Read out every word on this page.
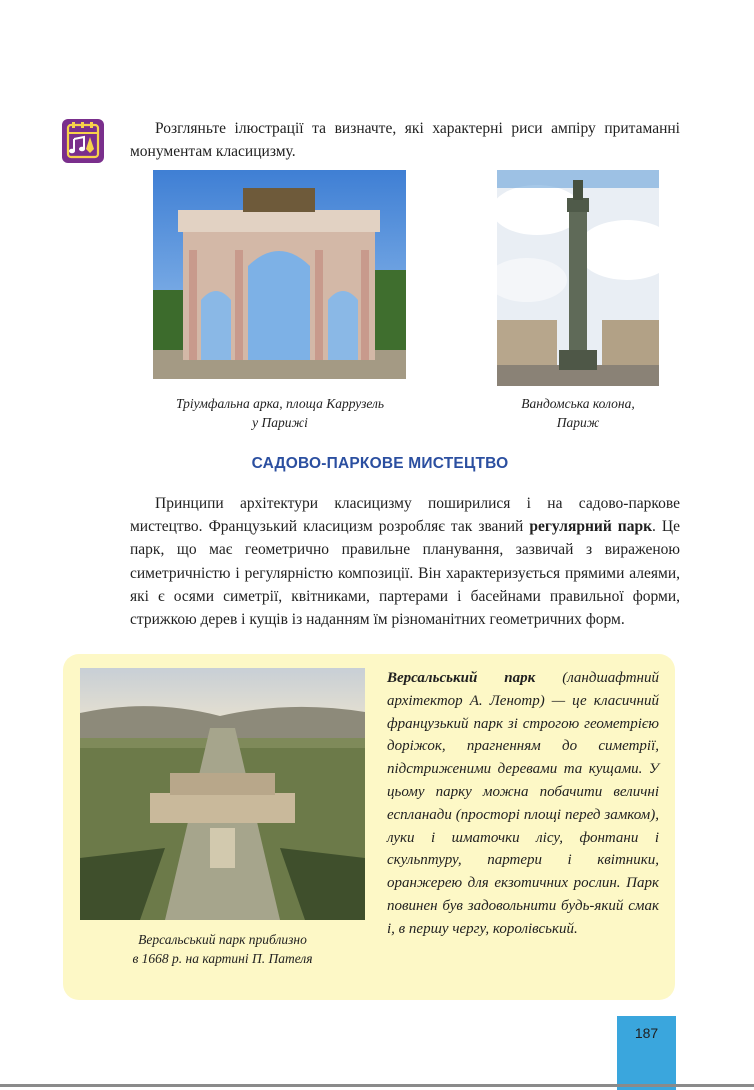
Розгляньте ілюстрації та визначте, які характерні риси ампіру притаманні монументам класицизму.

Тріумфальна арка, площа Каррузель
у Парижі
Вандомська колона,
Париж
САДОВО-ПАРКОВЕ МИСТЕЦТВО

Принципи архітектури класицизму поширилися і на садово-паркове мистецтво. Французький класицизм розробляє так званий регулярний парк. Це парк, що має геометрично правильне планування, зазвичай з вираженою симетричністю і регулярністю композиції. Він характеризується прямими алеями, які є осями симетрії, квітниками, партерами і басейнами правильної форми, стрижкою дерев і кущів із наданням їм різноманітних геометричних форм.

Версальський парк приблизно
в 1668 р. на картині П. Пателя

Версальський парк (ландшафтний архітектор А. Ленотр) — це класичний французький парк зі строгою геометрією доріжок, прагненням до симетрії, підстриженими деревами та кущами. У цьому парку можна побачити величні еспланади (просторі площі перед замком), луки і шматочки лісу, фонтани і скульптуру, партери і квітники, оранжерею для екзотичних рослин. Парк повинен був задовольнити будь-який смак і, в першу чергу, королівський.

187
